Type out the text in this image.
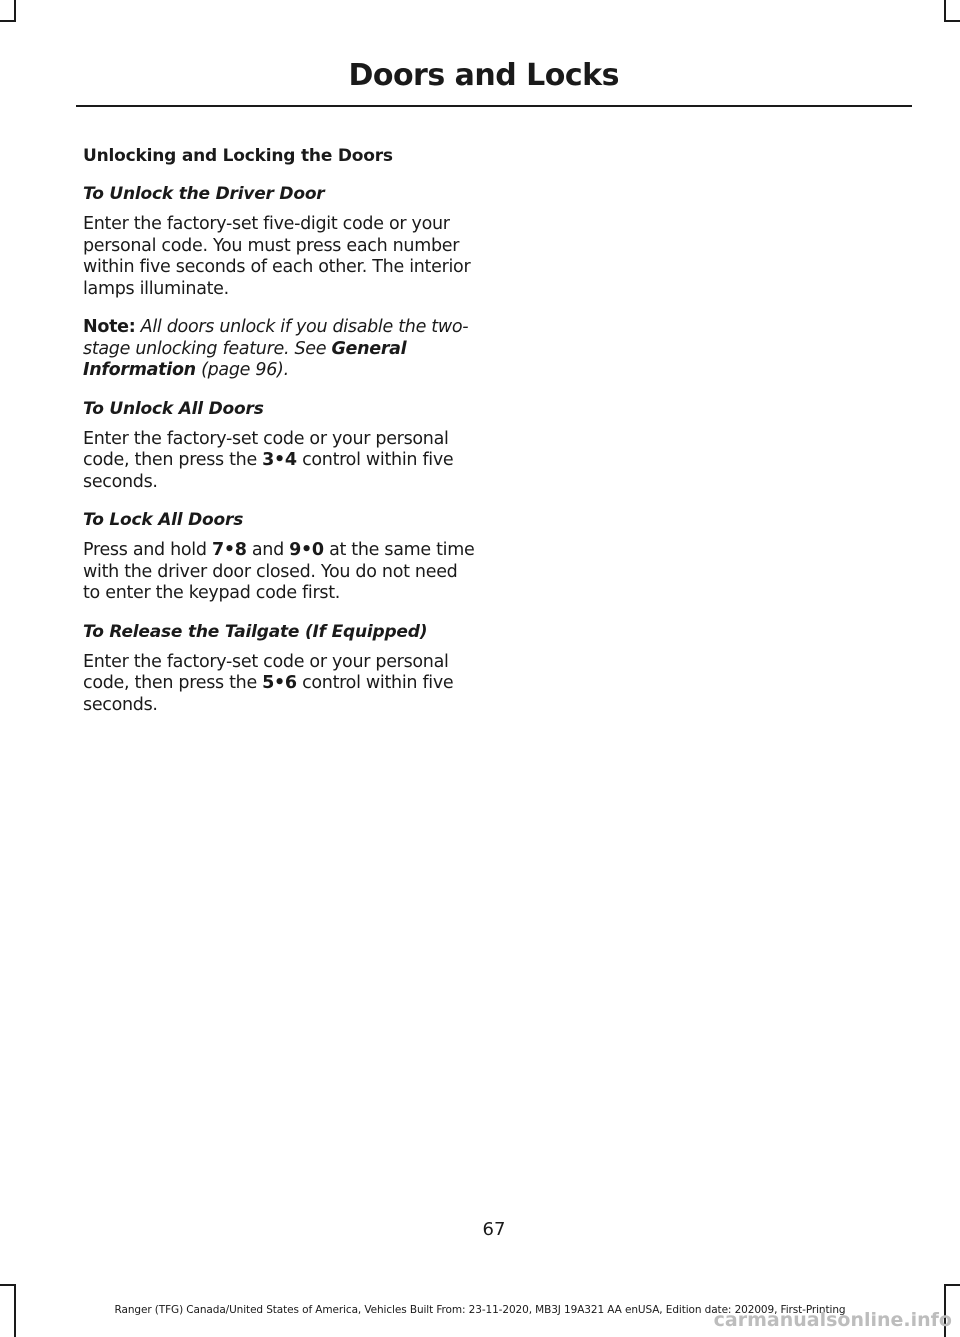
Doors and Locks
Unlocking and Locking the Doors
To Unlock the Driver Door
Enter the factory-set five-digit code or your personal code. You must press each number within five seconds of each other. The interior lamps illuminate.
Note: All doors unlock if you disable the two-stage unlocking feature. See General Information (page 96).
To Unlock All Doors
Enter the factory-set code or your personal code, then press the 3•4 control within five seconds.
To Lock All Doors
Press and hold 7•8 and 9•0 at the same time with the driver door closed. You do not need to enter the keypad code first.
To Release the Tailgate (If Equipped)
Enter the factory-set code or your personal code, then press the 5•6 control within five seconds.
67
Ranger (TFG) Canada/United States of America, Vehicles Built From: 23-11-2020, MB3J 19A321 AA enUSA, Edition date: 202009, First-Printing
carmanualsonline.info
